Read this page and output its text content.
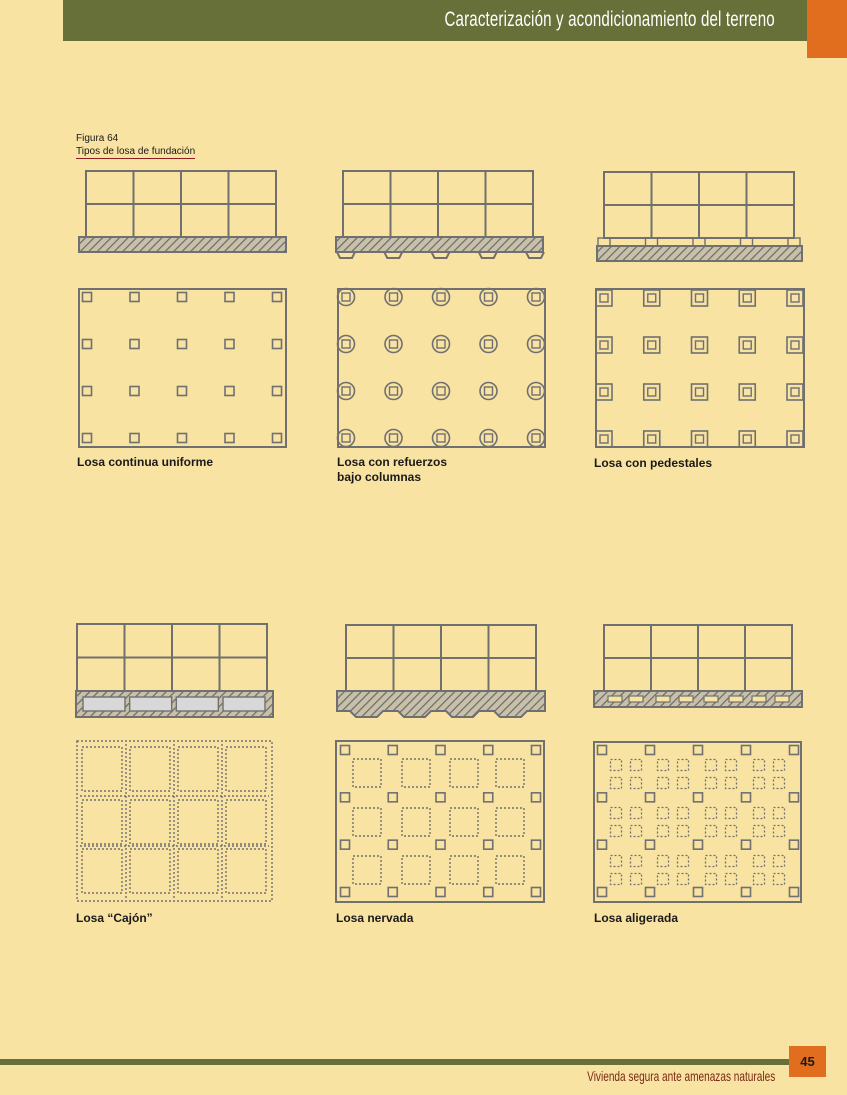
Caracterización y acondicionamiento del terreno
Figura 64
Tipos de losa de fundación
Losa continua uniforme	Losa con refuerzos
bajo columnas
Losa con pedestales

Losa “Cajón”	Losa nervada	Losa aligerada

45
Vivienda segura ante amenazas naturales
